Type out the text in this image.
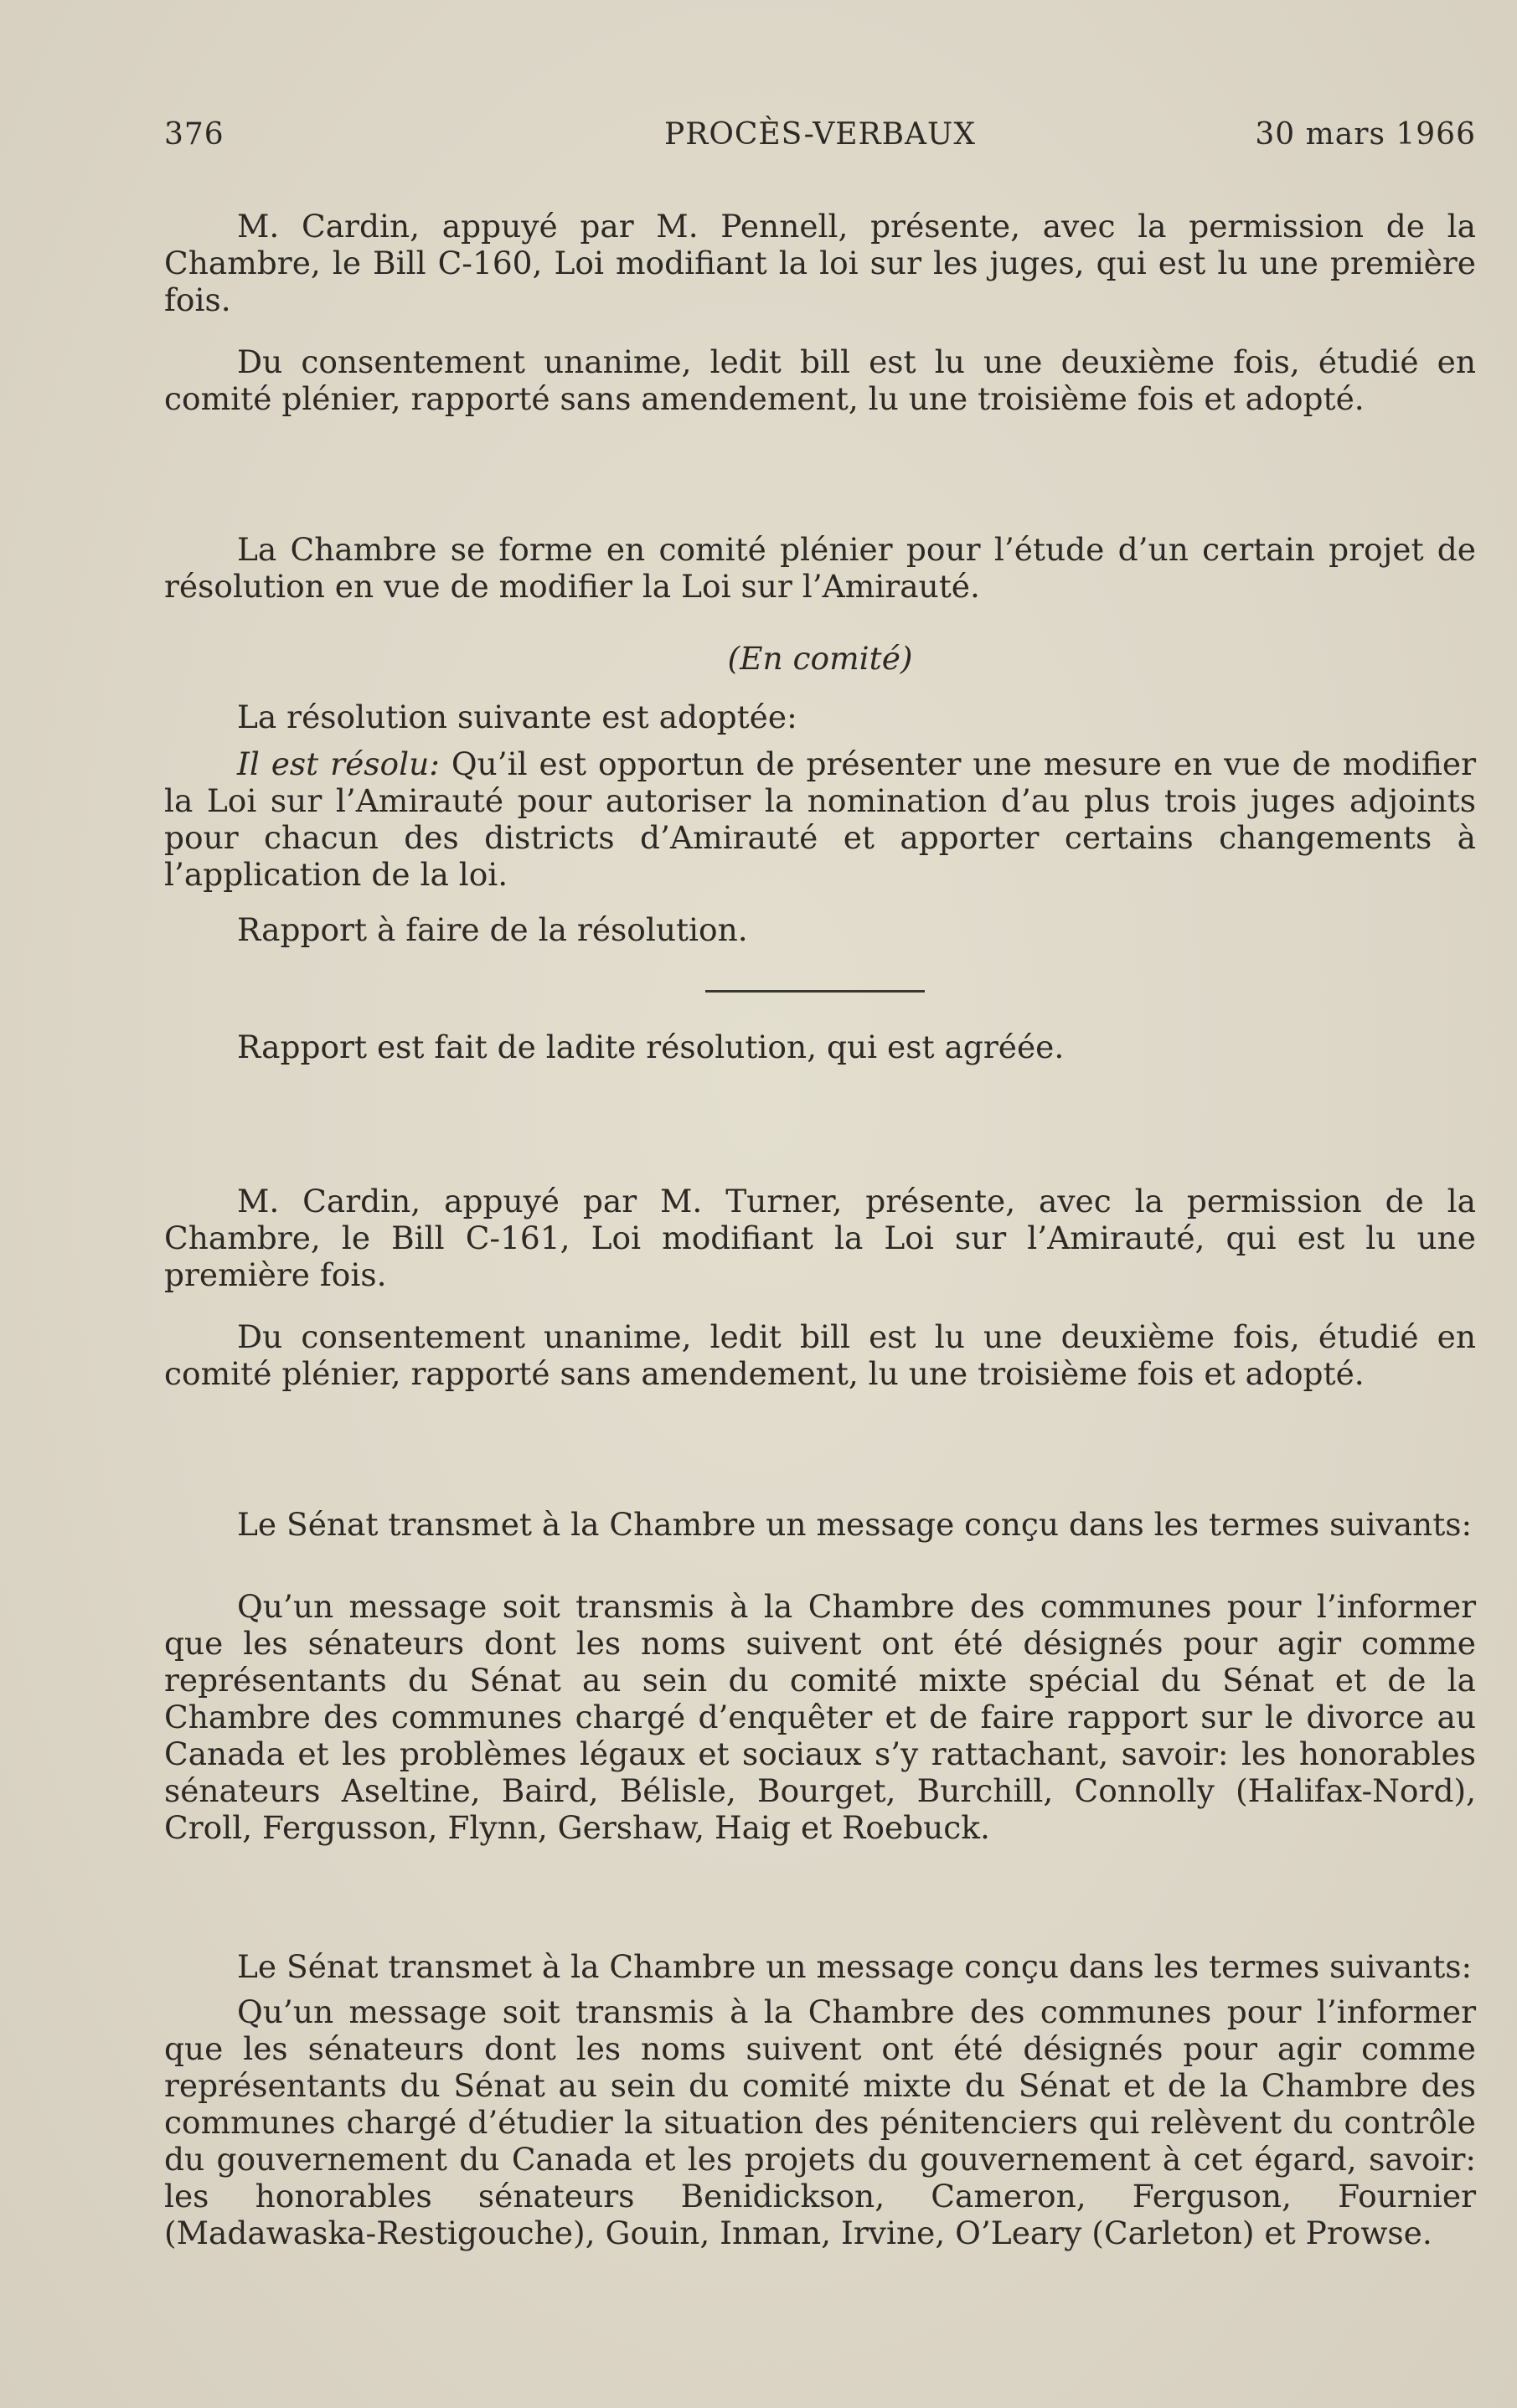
376	PROCÈS-VERBAUX	30 mars 1966

M. Cardin, appuyé par M. Pennell, présente, avec la permission de la Chambre, le Bill C-160, Loi modifiant la loi sur les juges, qui est lu une première fois.

Du consentement unanime, ledit bill est lu une deuxième fois, étudié en comité plénier, rapporté sans amendement, lu une troisième fois et adopté.

La Chambre se forme en comité plénier pour l’étude d’un certain projet de résolution en vue de modifier la Loi sur l’Amirauté.

(En comité)

La résolution suivante est adoptée:

Il est résolu: Qu’il est opportun de présenter une mesure en vue de modifier la Loi sur l’Amirauté pour autoriser la nomination d’au plus trois juges adjoints pour chacun des districts d’Amirauté et apporter certains changements à l’application de la loi.

Rapport à faire de la résolution.

Rapport est fait de ladite résolution, qui est agréée.

M. Cardin, appuyé par M. Turner, présente, avec la permission de la Chambre, le Bill C-161, Loi modifiant la Loi sur l’Amirauté, qui est lu une première fois.

Du consentement unanime, ledit bill est lu une deuxième fois, étudié en comité plénier, rapporté sans amendement, lu une troisième fois et adopté.

Le Sénat transmet à la Chambre un message conçu dans les termes suivants:

Qu’un message soit transmis à la Chambre des communes pour l’informer que les sénateurs dont les noms suivent ont été désignés pour agir comme représentants du Sénat au sein du comité mixte spécial du Sénat et de la Chambre des communes chargé d’enquêter et de faire rapport sur le divorce au Canada et les problèmes légaux et sociaux s’y rattachant, savoir: les honorables sénateurs Aseltine, Baird, Bélisle, Bourget, Burchill, Connolly (Halifax-Nord), Croll, Fergusson, Flynn, Gershaw, Haig et Roebuck.

Le Sénat transmet à la Chambre un message conçu dans les termes suivants:

Qu’un message soit transmis à la Chambre des communes pour l’informer que les sénateurs dont les noms suivent ont été désignés pour agir comme représentants du Sénat au sein du comité mixte du Sénat et de la Chambre des communes chargé d’étudier la situation des pénitenciers qui relèvent du contrôle du gouvernement du Canada et les projets du gouvernement à cet égard, savoir: les honorables sénateurs Benidickson, Cameron, Ferguson, Fournier (Madawaska-Restigouche), Gouin, Inman, Irvine, O’Leary (Carleton) et Prowse.
